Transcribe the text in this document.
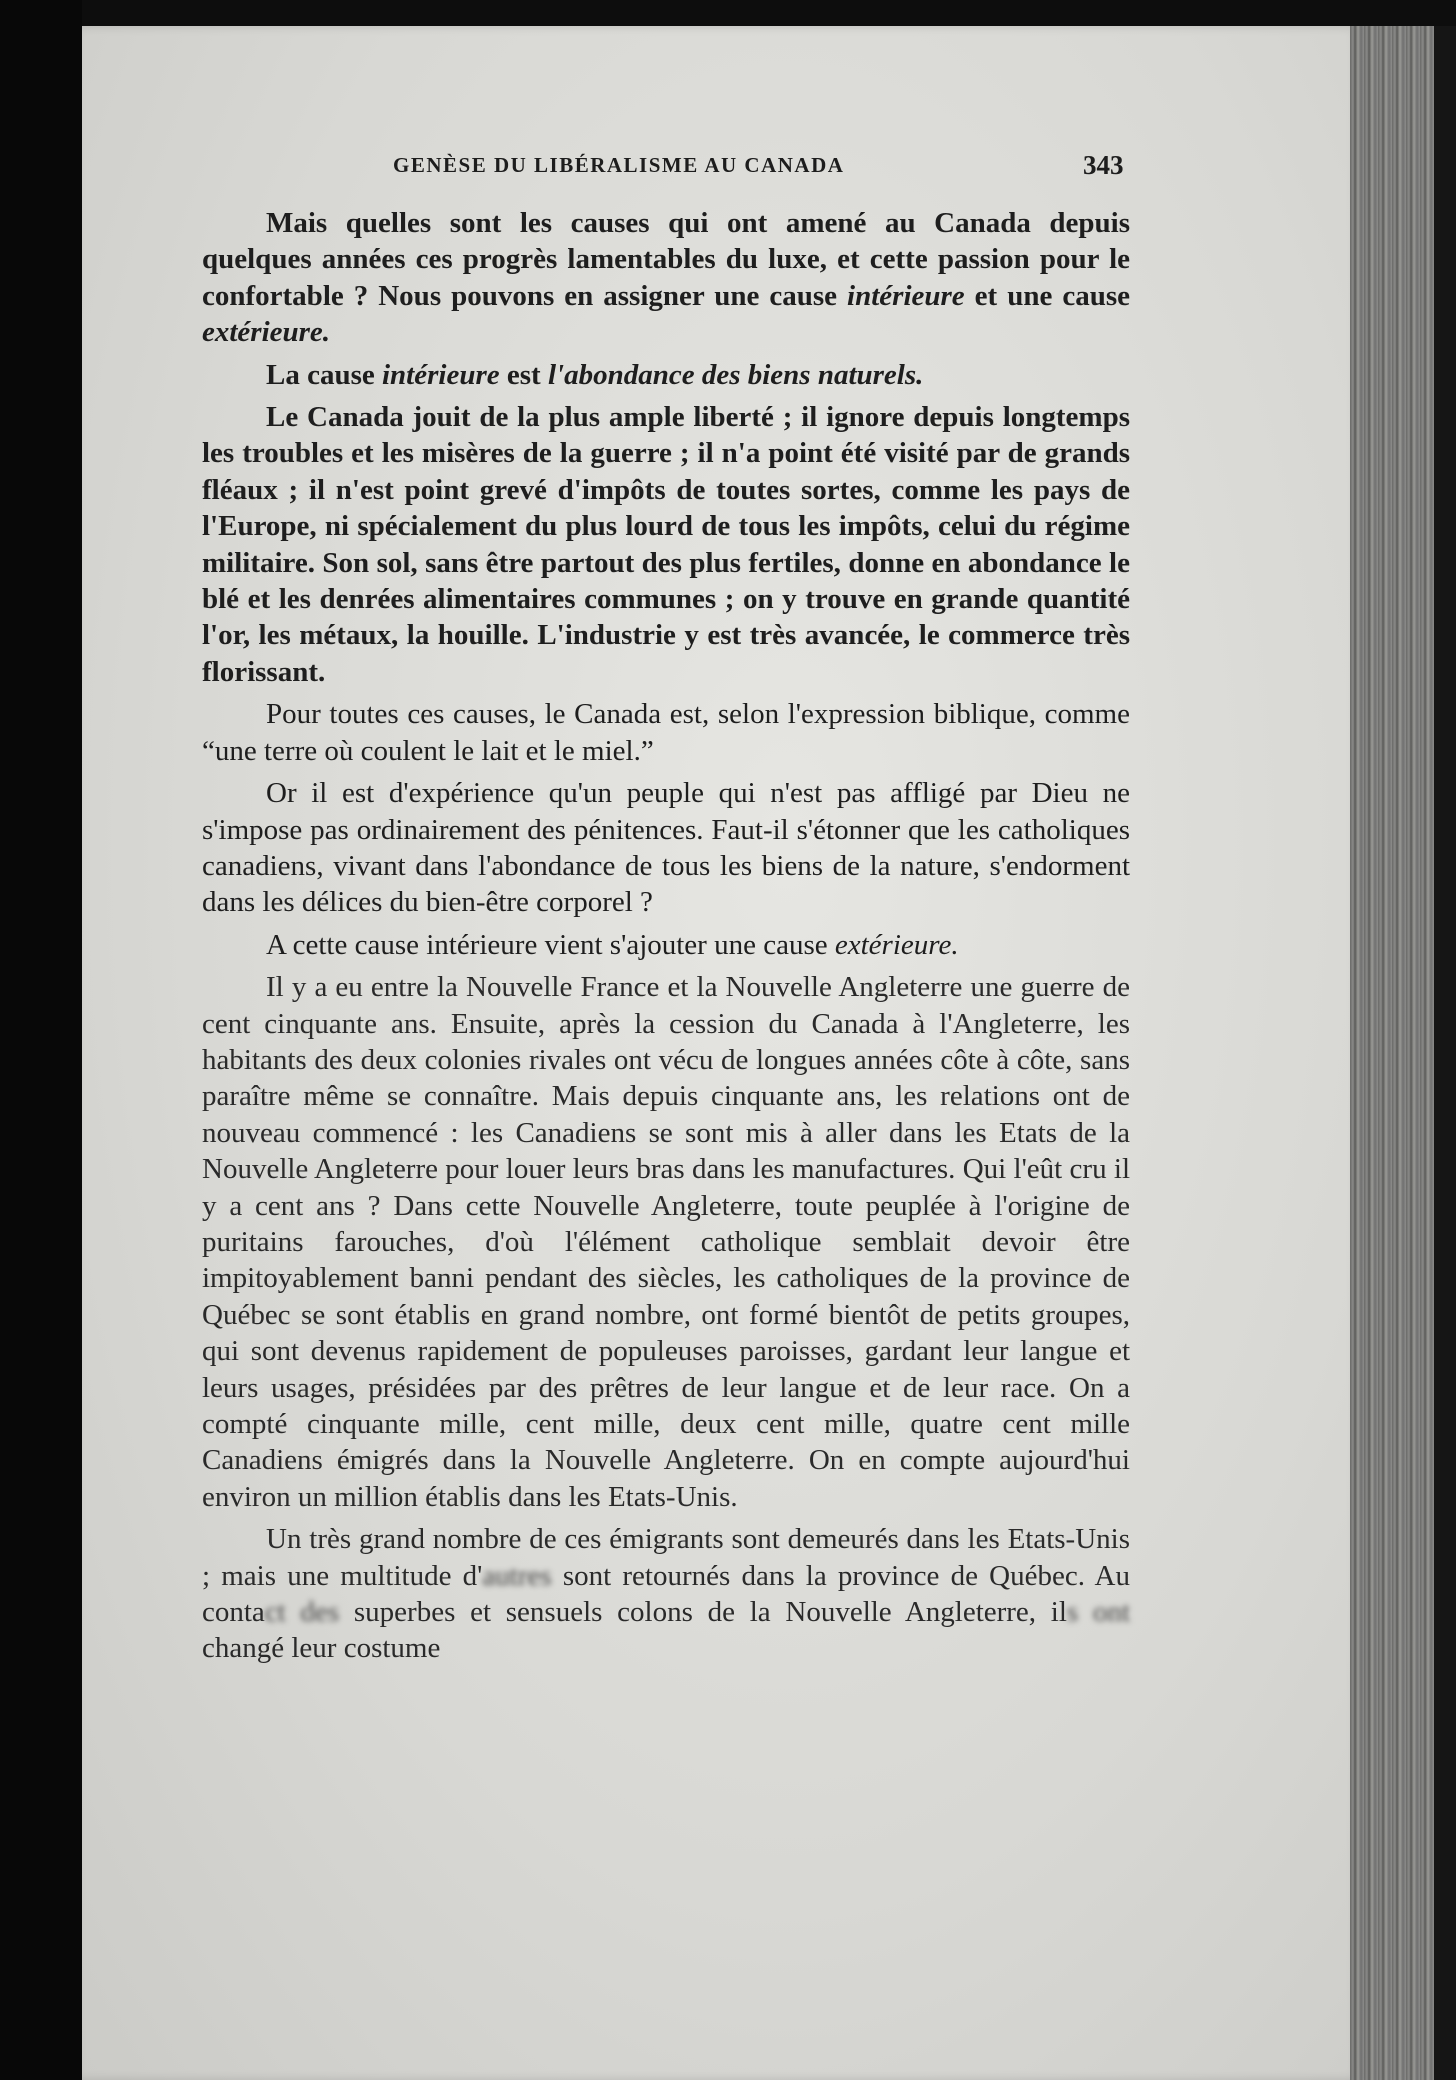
GENÈSE DU LIBÉRALISME AU CANADA	343

Mais quelles sont les causes qui ont amené au Canada depuis quelques années ces progrès lamentables du luxe, et cette passion pour le confortable ? Nous pouvons en assigner une cause intérieure et une cause extérieure.

La cause intérieure est l'abondance des biens naturels.

Le Canada jouit de la plus ample liberté ; il ignore depuis longtemps les troubles et les misères de la guerre ; il n'a point été visité par de grands fléaux ; il n'est point grevé d'impôts de toutes sortes, comme les pays de l'Europe, ni spécialement du plus lourd de tous les impôts, celui du régime militaire. Son sol, sans être partout des plus fertiles, donne en abondance le blé et les denrées alimentaires communes ; on y trouve en grande quantité l'or, les métaux, la houille. L'industrie y est très avancée, le commerce très florissant.

Pour toutes ces causes, le Canada est, selon l'expression biblique, comme “une terre où coulent le lait et le miel.”

Or il est d'expérience qu'un peuple qui n'est pas affligé par Dieu ne s'impose pas ordinairement des pénitences. Faut-il s'étonner que les catholiques canadiens, vivant dans l'abondance de tous les biens de la nature, s'endorment dans les délices du bien-être corporel ?

A cette cause intérieure vient s'ajouter une cause extérieure.

Il y a eu entre la Nouvelle France et la Nouvelle Angleterre une guerre de cent cinquante ans. Ensuite, après la cession du Canada à l'Angleterre, les habitants des deux colonies rivales ont vécu de longues années côte à côte, sans paraître même se connaître. Mais depuis cinquante ans, les relations ont de nouveau commencé : les Canadiens se sont mis à aller dans les Etats de la Nouvelle Angleterre pour louer leurs bras dans les manufactures. Qui l'eût cru il y a cent ans ? Dans cette Nouvelle Angleterre, toute peuplée à l'origine de puritains farouches, d'où l'élément catholique semblait devoir être impitoyablement banni pendant des siècles, les catholiques de la province de Québec se sont établis en grand nombre, ont formé bientôt de petits groupes, qui sont devenus rapidement de populeuses paroisses, gardant leur langue et leurs usages, présidées par des prêtres de leur langue et de leur race. On a compté cinquante mille, cent mille, deux cent mille, quatre cent mille Canadiens émigrés dans la Nouvelle Angleterre. On en compte aujourd'hui environ un million établis dans les Etats-Unis.

Un très grand nombre de ces émigrants sont demeurés dans les Etats-Unis ; mais une multitude d'autres sont retournés dans la province de Québec. Au contact des superbes et sensuels colons de la Nouvelle Angleterre, ils ont changé leur costume
